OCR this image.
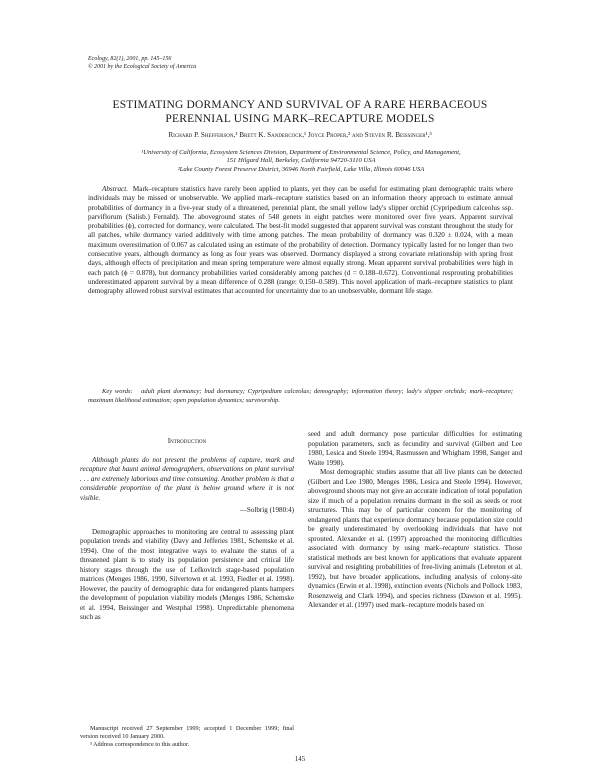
Ecology, 82(1), 2001, pp. 145–156
© 2001 by the Ecological Society of America
ESTIMATING DORMANCY AND SURVIVAL OF A RARE HERBACEOUS
PERENNIAL USING MARK–RECAPTURE MODELS
Richard P. Shefferson,¹ Brett K. Sandercock,¹ Joyce Proper,² and Steven R. Beissinger¹,³
¹University of California, Ecosystem Sciences Division, Department of Environmental Science, Policy, and Management,
151 Hilgard Hall, Berkeley, California 94720-3110 USA
²Lake County Forest Preserve District, 36946 North Fairfield, Lake Villa, Illinois 60046 USA

Abstract. Mark–recapture statistics have rarely been applied to plants, yet they can be useful for estimating plant demographic traits where individuals may be missed or unobservable. We applied mark–recapture statistics based on an information theory approach to estimate annual probabilities of dormancy in a five-year study of a threatened, perennial plant, the small yellow lady's slipper orchid (Cypripedium calceolus ssp. parviflorum (Salisb.) Fernald). The aboveground states of 548 genets in eight patches were monitored over five years. Apparent survival probabilities (ϕ), corrected for dormancy, were calculated. The best-fit model suggested that apparent survival was constant throughout the study for all patches, while dormancy varied additively with time among patches. The mean probability of dormancy was 0.320 ± 0.024, with a mean maximum overestimation of 0.067 as calculated using an estimate of the probability of detection. Dormancy typically lasted for no longer than two consecutive years, although dormancy as long as four years was observed. Dormancy displayed a strong covariate relationship with spring frost days, although effects of precipitation and mean spring temperature were almost equally strong. Mean apparent survival probabilities were high in each patch (ϕ = 0.878), but dormancy probabilities varied considerably among patches (d = 0.188–0.672). Conventional resprouting probabilities underestimated apparent survival by a mean difference of 0.288 (range: 0.150–0.589). This novel application of mark–recapture statistics to plant demography allowed robust survival estimates that accounted for uncertainty due to an unobservable, dormant life stage.

Key words: adult plant dormancy; bud dormancy; Cypripedium calceolus; demography; information theory; lady's slipper orchids; mark–recapture; maximum likelihood estimation; open population dynamics; survivorship.

Introduction

Although plants do not present the problems of capture, mark and recapture that haunt animal demographers, observations on plant survival . . . are extremely laborious and time consuming. Another problem is that a considerable proportion of the plant is below ground where it is not visible.

—Solbrig (1980:4)

Demographic approaches to monitoring are central to assessing plant population trends and viability (Davy and Jefferies 1981, Schemske et al. 1994). One of the most integrative ways to evaluate the status of a threatened plant is to study its population persistence and critical life history stages through the use of Lefkovitch stage-based population matrices (Menges 1986, 1990, Silvertown et al. 1993, Fiedler et al. 1998). However, the paucity of demographic data for endangered plants hampers the development of population viability models (Menges 1986, Schemske et al. 1994, Beissinger and Westphal 1998). Unpredictable phenomena such as

seed and adult dormancy pose particular difficulties for estimating population parameters, such as fecundity and survival (Gilbert and Lee 1980, Lesica and Steele 1994, Rasmussen and Whigham 1998, Sanger and Waite 1998).

Most demographic studies assume that all live plants can be detected (Gilbert and Lee 1980, Menges 1986, Lesica and Steele 1994). However, aboveground shoots may not give an accurate indication of total population size if much of a population remains dormant in the soil as seeds or root structures. This may be of particular concern for the monitoring of endangered plants that experience dormancy because population size could be greatly underestimated by overlooking individuals that have not sprouted. Alexander et al. (1997) approached the monitoring difficulties associated with dormancy by using mark–recapture statistics. Those statistical methods are best known for applications that evaluate apparent survival and resighting probabilities of free-living animals (Lebreton et al. 1992), but have broader applications, including analysis of colony-site dynamics (Erwin et al. 1998), extinction events (Nichols and Pollock 1983, Rosenzweig and Clark 1994), and species richness (Dawson et al. 1995). Alexander et al. (1997) used mark–recapture models based on

Manuscript received 27 September 1999; accepted 1 December 1999; final version received 10 January 2000.

³ Address correspondence to this author.

145
